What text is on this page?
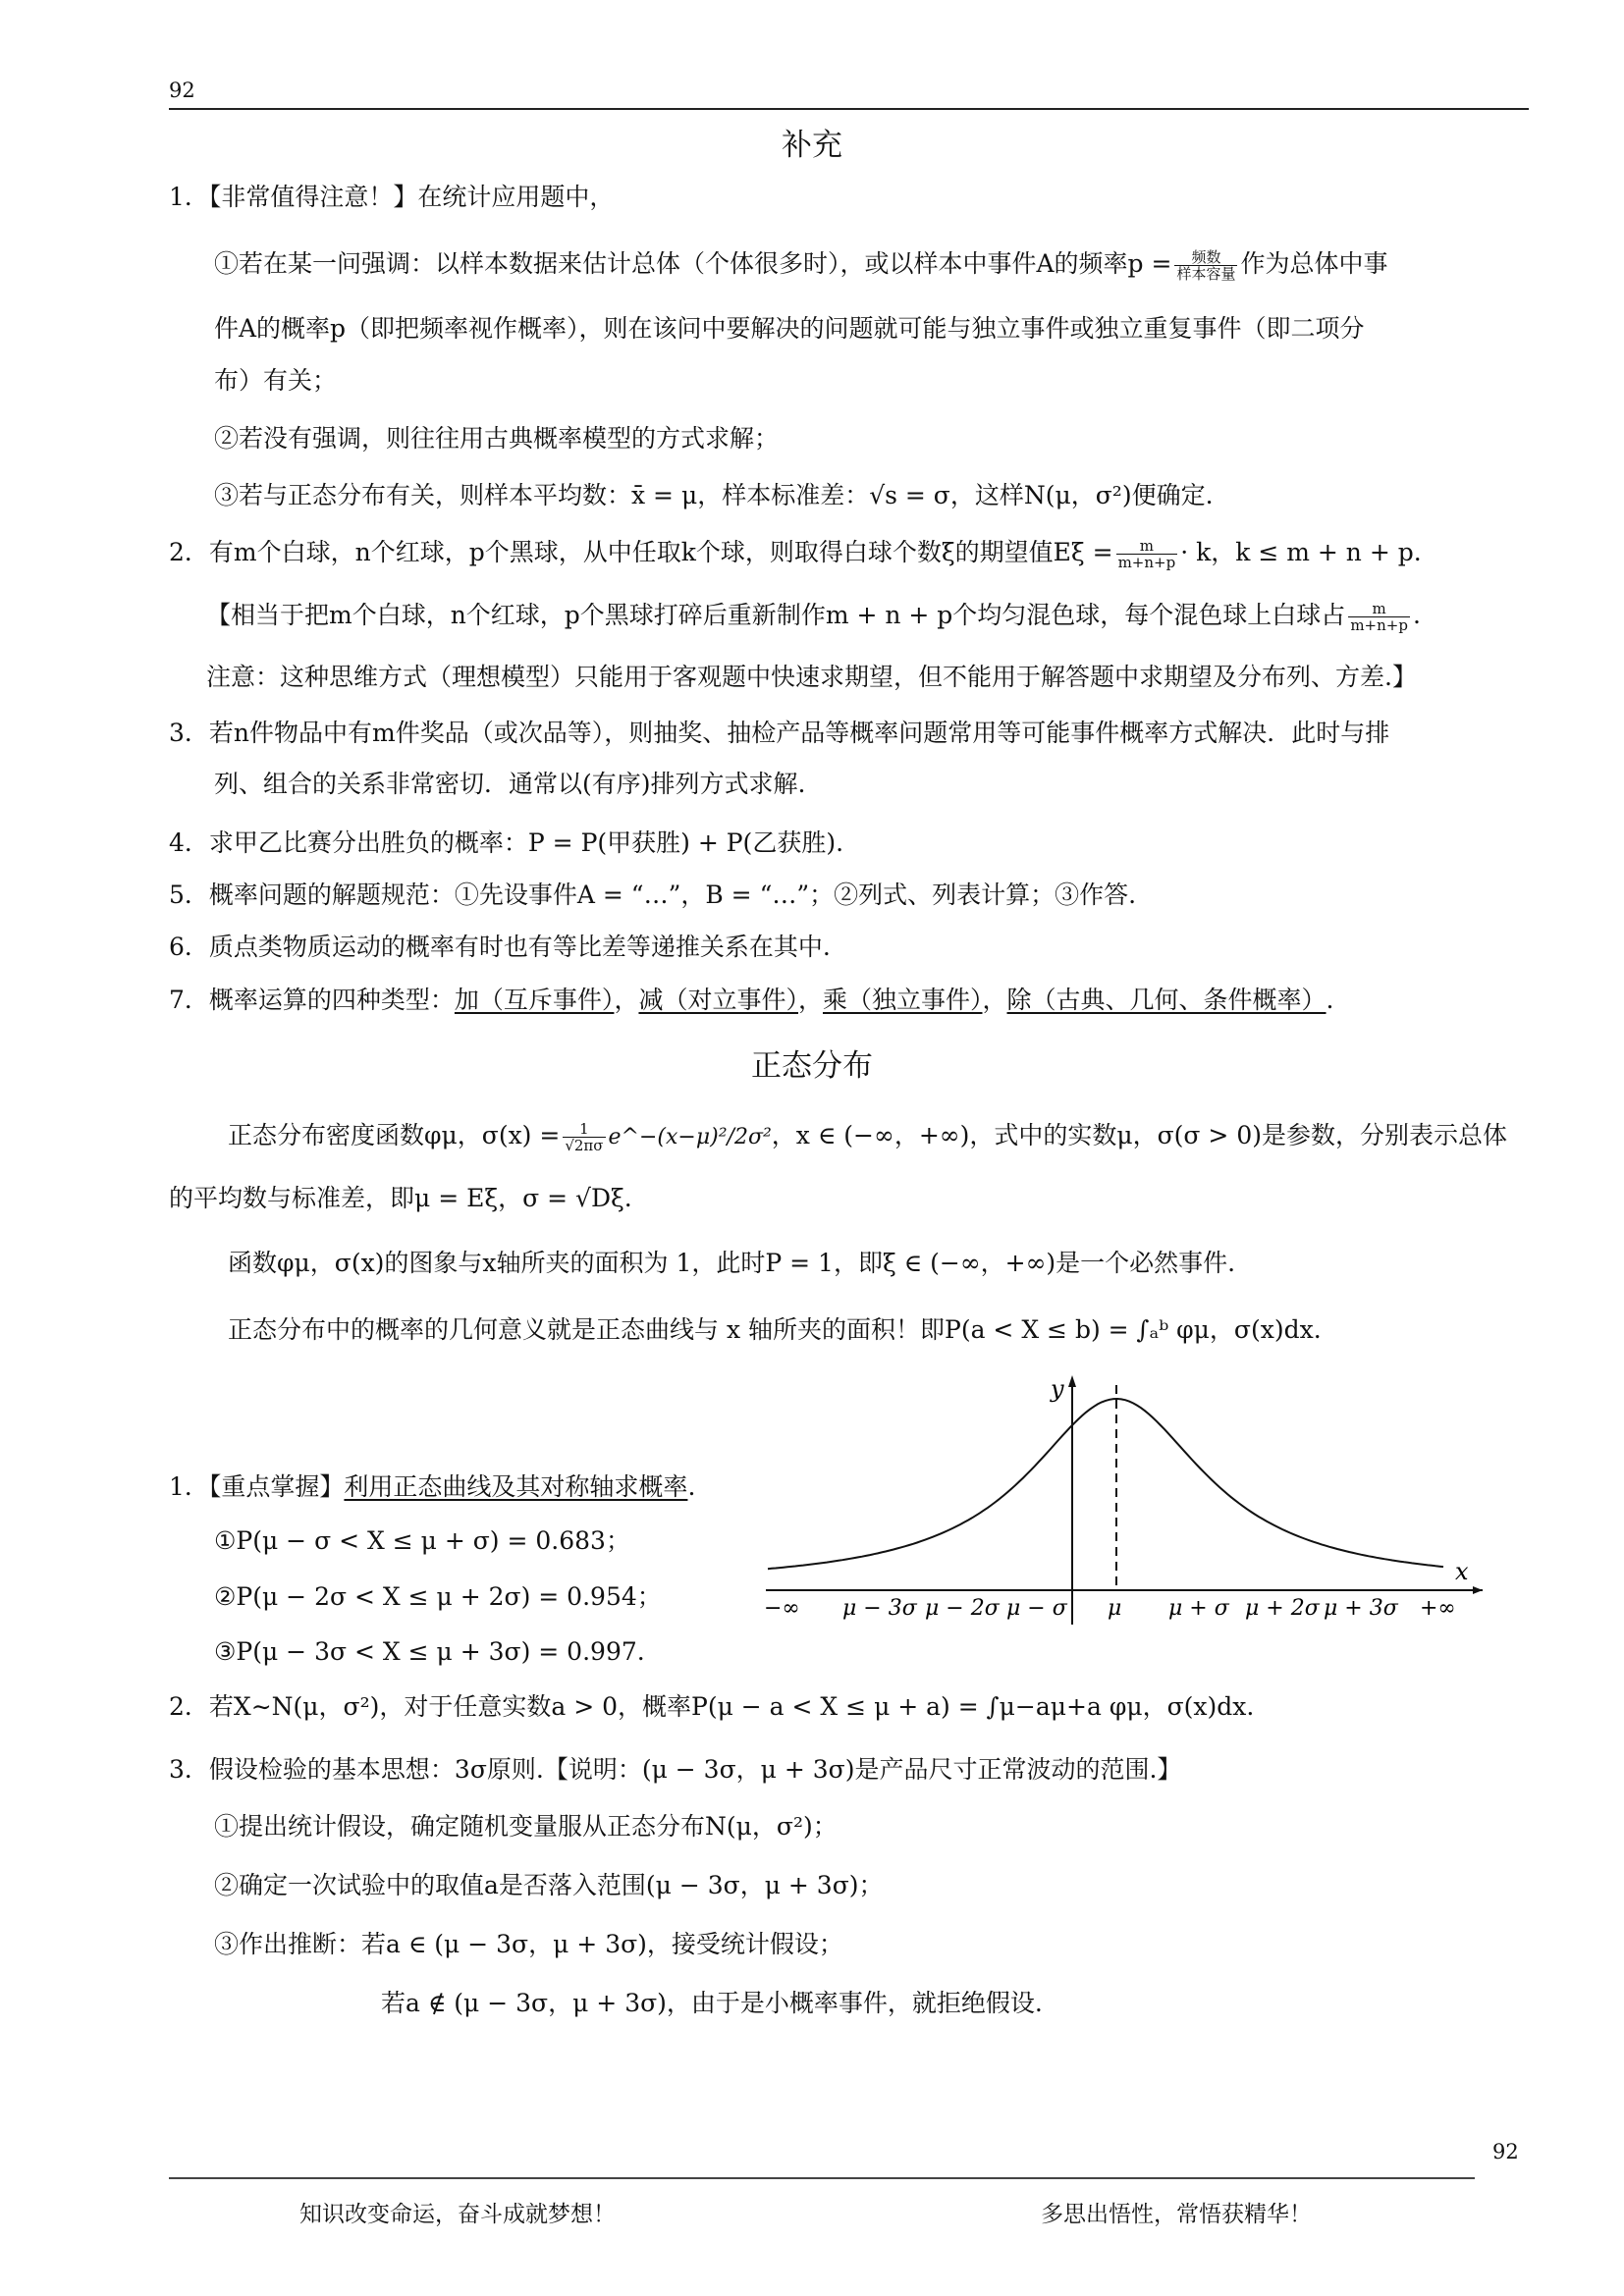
92
补充
1．【非常值得注意！】在统计应用题中，
①若在某一问强调：以样本数据来估计总体（个体很多时），或以样本中事件A的频率$p = \frac{\text{频数}}{\text{样本容量}}$ 作为总体中事
件A的概率p（即把频率视作概率），则在该问中要解决的问题就可能与独立事件或独立重复事件（即二项分
布）有关；
②若没有强调，则往往用古典概率模型的方式求解；
③若与正态分布有关，则样本平均数：x̄ = μ，样本标准差：√s = σ，这样N(μ，σ²)便确定.
2．有m个白球，n个红球，p个黑球，从中任取k个球，则取得白球个数ξ的期望值$E\xi = \frac{m}{m+n+p} \cdot k$，k ≤ m + n + p.
【相当于把m个白球，n个红球，p个黑球打碎后重新制作m + n + p个均匀混色球，每个混色球上白球占 $\frac{m}{m+n+p}$ .
注意：这种思维方式（理想模型）只能用于客观题中快速求期望，但不能用于解答题中求期望及分布列、方差.】
3．若n件物品中有m件奖品（或次品等），则抽奖、抽检产品等概率问题常用等可能事件概率方式解决．此时与排
列、组合的关系非常密切．通常以(有序)排列方式求解.
4．求甲乙比赛分出胜负的概率：P = P(甲获胜) + P(乙获胜).
5．概率问题的解题规范：①先设事件A = “…”，B = “…”；②列式、列表计算；③作答.
6．质点类物质运动的概率有时也有等比差等递推关系在其中.
7．概率运算的四种类型：加（互斥事件），减（对立事件），乘（独立事件），除（古典、几何、条件概率）.
正态分布
正态分布密度函数φμ，$\sigma(x) = \frac{1}{√2\pi\sigma}$ e^−(x−μ)²/2σ²，x ∈ (−∞，+∞)，式中的实数μ，σ(σ > 0)是参数，分别表示总体
的平均数与标准差，即μ = Eξ，σ = √Dξ.
函数φμ，σ(x)的图象与x轴所夹的面积为 1，此时P = 1，即ξ ∈ (−∞，+∞)是一个必然事件.
正态分布中的概率的几何意义就是正态曲线与 x 轴所夹的面积！即P(a < X ≤ b) = ∫ₐᵇ φμ，σ(x)dx.
1．【重点掌握】利用正态曲线及其对称轴求概率.
①P(μ − σ < X ≤ μ + σ) = 0.683；
②P(μ − 2σ < X ≤ μ + 2σ) = 0.954；
③P(μ − 3σ < X ≤ μ + 3σ) = 0.997.
y
x
−∞ μ − 3σ μ − 2σ μ − σ μ μ + σ μ + 2σ μ + 3σ +∞
2．若X∼N(μ，σ²)，对于任意实数a > 0，概率P(μ − a < X ≤ μ + a) = ∫μ−aμ+a φμ，σ(x)dx.
3．假设检验的基本思想：3σ原则.【说明：(μ − 3σ，μ + 3σ)是产品尺寸正常波动的范围.】
①提出统计假设，确定随机变量服从正态分布N(μ，σ²)；
②确定一次试验中的取值a是否落入范围(μ − 3σ，μ + 3σ)；
③作出推断：若a ∈ (μ − 3σ，μ + 3σ)，接受统计假设；
若a ∉ (μ − 3σ，μ + 3σ)，由于是小概率事件，就拒绝假设.
92
知识改变命运，奋斗成就梦想！	多思出悟性，常悟获精华！
